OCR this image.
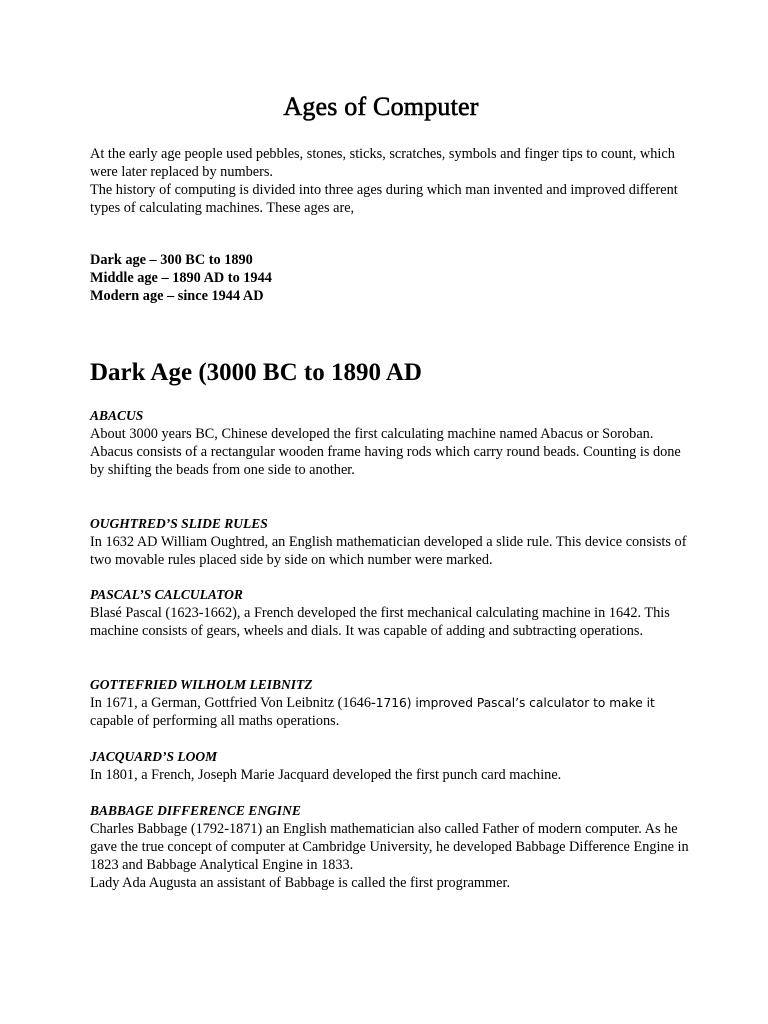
Ages of Computer
At the early age people used pebbles, stones, sticks, scratches, symbols and finger tips to count, which were later replaced by numbers.
The history of computing is divided into three ages during which man invented and improved different types of calculating machines. These ages are,
Dark age – 300 BC to 1890
Middle age – 1890 AD to 1944
Modern age – since 1944 AD
Dark Age (3000 BC to 1890 AD

ABACUS

About 3000 years BC, Chinese developed the first calculating machine named Abacus or Soroban.
Abacus consists of a rectangular wooden frame having rods which carry round beads. Counting is done by shifting the beads from one side to another.

OUGHTRED’S SLIDE RULES

In 1632 AD William Oughtred, an English mathematician developed a slide rule. This device consists of two movable rules placed side by side on which number were marked.

PASCAL’S CALCULATOR

Blasé Pascal (1623-1662), a French developed the first mechanical calculating machine in 1642. This machine consists of gears, wheels and dials. It was capable of adding and subtracting operations.

GOTTEFRIED WILHOLM LEIBNITZ

In 1671, a German, Gottfried Von Leibnitz (1646-1716) improved Pascal’s calculator to make it capable of performing all maths operations.

JACQUARD’S LOOM

In 1801, a French, Joseph Marie Jacquard developed the first punch card machine.

BABBAGE DIFFERENCE ENGINE

Charles Babbage (1792-1871) an English mathematician also called Father of modern computer. As he gave the true concept of computer at Cambridge University, he developed Babbage Difference Engine in 1823 and Babbage Analytical Engine in 1833.
Lady Ada Augusta an assistant of Babbage is called the first programmer.
